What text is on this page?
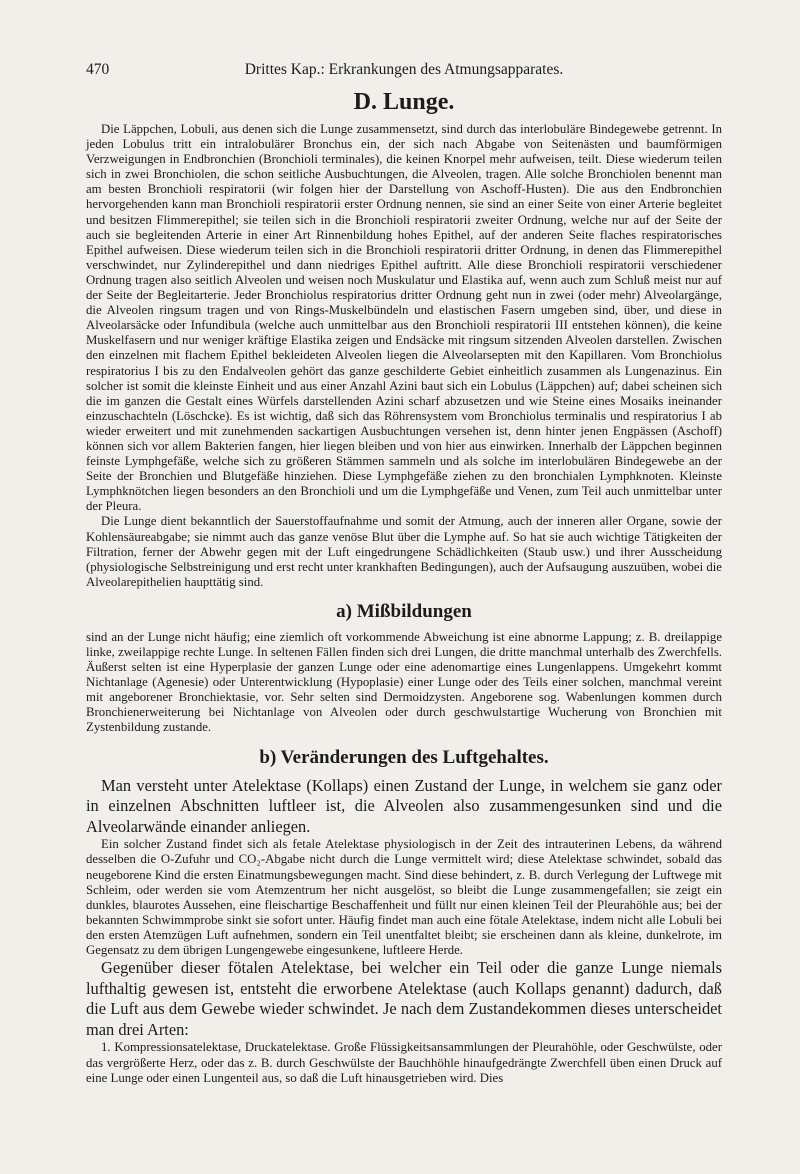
470	Drittes Kap.: Erkrankungen des Atmungsapparates.
D. Lunge.

Die Läppchen, Lobuli, aus denen sich die Lunge zusammensetzt, sind durch das interlobuläre Bindegewebe getrennt. In jeden Lobulus tritt ein intralobulärer Bronchus ein, der sich nach Abgabe von Seitenästen und baumförmigen Verzweigungen in Endbronchien (Bronchioli terminales), die keinen Knorpel mehr aufweisen, teilt. Diese wiederum teilen sich in zwei Bronchiolen, die schon seitliche Ausbuchtungen, die Alveolen, tragen. Alle solche Bronchiolen benennt man am besten Bronchioli respiratorii (wir folgen hier der Darstellung von Aschoff-Husten). Die aus den Endbronchien hervorgehenden kann man Bronchioli respiratorii erster Ordnung nennen, sie sind an einer Seite von einer Arterie begleitet und besitzen Flimmerepithel; sie teilen sich in die Bronchioli respiratorii zweiter Ordnung, welche nur auf der Seite der auch sie begleitenden Arterie in einer Art Rinnenbildung hohes Epithel, auf der anderen Seite flaches respiratorisches Epithel aufweisen. Diese wiederum teilen sich in die Bronchioli respiratorii dritter Ordnung, in denen das Flimmerepithel verschwindet, nur Zylinderepithel und dann niedriges Epithel auftritt. Alle diese Bronchioli respiratorii verschiedener Ordnung tragen also seitlich Alveolen und weisen noch Muskulatur und Elastika auf, wenn auch zum Schluß meist nur auf der Seite der Begleitarterie. Jeder Bronchiolus respiratorius dritter Ordnung geht nun in zwei (oder mehr) Alveolargänge, die Alveolen ringsum tragen und von Rings-Muskelbündeln und elastischen Fasern umgeben sind, über, und diese in Alveolarsäcke oder Infundibula (welche auch unmittelbar aus den Bronchioli respiratorii III entstehen können), die keine Muskelfasern und nur weniger kräftige Elastika zeigen und Endsäcke mit ringsum sitzenden Alveolen darstellen. Zwischen den einzelnen mit flachem Epithel bekleideten Alveolen liegen die Alveolarsepten mit den Kapillaren. Vom Bronchiolus respiratorius I bis zu den Endalveolen gehört das ganze geschilderte Gebiet einheitlich zusammen als Lungenazinus. Ein solcher ist somit die kleinste Einheit und aus einer Anzahl Azini baut sich ein Lobulus (Läppchen) auf; dabei scheinen sich die im ganzen die Gestalt eines Würfels darstellenden Azini scharf abzusetzen und wie Steine eines Mosaiks ineinander einzuschachteln (Löschcke). Es ist wichtig, daß sich das Röhrensystem vom Bronchiolus terminalis und respiratorius I ab wieder erweitert und mit zunehmenden sackartigen Ausbuchtungen versehen ist, denn hinter jenen Engpässen (Aschoff) können sich vor allem Bakterien fangen, hier liegen bleiben und von hier aus einwirken. Innerhalb der Läppchen beginnen feinste Lymphgefäße, welche sich zu größeren Stämmen sammeln und als solche im interlobulären Bindegewebe an der Seite der Bronchien und Blutgefäße hinziehen. Diese Lymphgefäße ziehen zu den bronchialen Lymphknoten. Kleinste Lymphknötchen liegen besonders an den Bronchioli und um die Lymphgefäße und Venen, zum Teil auch unmittelbar unter der Pleura.

Die Lunge dient bekanntlich der Sauerstoffaufnahme und somit der Atmung, auch der inneren aller Organe, sowie der Kohlensäureabgabe; sie nimmt auch das ganze venöse Blut über die Lymphe auf. So hat sie auch wichtige Tätigkeiten der Filtration, ferner der Abwehr gegen mit der Luft eingedrungene Schädlichkeiten (Staub usw.) und ihrer Ausscheidung (physiologische Selbstreinigung und erst recht unter krankhaften Bedingungen), auch der Aufsaugung auszuüben, wobei die Alveolarepithelien haupttätig sind.

a) Mißbildungen

sind an der Lunge nicht häufig; eine ziemlich oft vorkommende Abweichung ist eine abnorme Lappung; z. B. dreilappige linke, zweilappige rechte Lunge. In seltenen Fällen finden sich drei Lungen, die dritte manchmal unterhalb des Zwerchfells. Äußerst selten ist eine Hyperplasie der ganzen Lunge oder eine adenomartige eines Lungenlappens. Umgekehrt kommt Nichtanlage (Agenesie) oder Unterentwicklung (Hypoplasie) einer Lunge oder des Teils einer solchen, manchmal vereint mit angeborener Bronchiektasie, vor. Sehr selten sind Dermoidzysten. Angeborene sog. Wabenlungen kommen durch Bronchienerweiterung bei Nichtanlage von Alveolen oder durch geschwulstartige Wucherung von Bronchien mit Zystenbildung zustande.

b) Veränderungen des Luftgehaltes.

Man versteht unter Atelektase (Kollaps) einen Zustand der Lunge, in welchem sie ganz oder in einzelnen Abschnitten luftleer ist, die Alveolen also zusammengesunken sind und die Alveolarwände einander anliegen.

Ein solcher Zustand findet sich als fetale Atelektase physiologisch in der Zeit des intrauterinen Lebens, da während desselben die O-Zufuhr und CO₂-Abgabe nicht durch die Lunge vermittelt wird; diese Atelektase schwindet, sobald das neugeborene Kind die ersten Einatmungsbewegungen macht. Sind diese behindert, z. B. durch Verlegung der Luftwege mit Schleim, oder werden sie vom Atemzentrum her nicht ausgelöst, so bleibt die Lunge zusammengefallen; sie zeigt ein dunkles, blaurotes Aussehen, eine fleischartige Beschaffenheit und füllt nur einen kleinen Teil der Pleurahöhle aus; bei der bekannten Schwimmprobe sinkt sie sofort unter. Häufig findet man auch eine fötale Atelektase, indem nicht alle Lobuli bei den ersten Atemzügen Luft aufnehmen, sondern ein Teil unentfaltet bleibt; sie erscheinen dann als kleine, dunkelrote, im Gegensatz zu dem übrigen Lungengewebe eingesunkene, luftleere Herde.

Gegenüber dieser fötalen Atelektase, bei welcher ein Teil oder die ganze Lunge niemals lufthaltig gewesen ist, entsteht die erworbene Atelektase (auch Kollaps genannt) dadurch, daß die Luft aus dem Gewebe wieder schwindet. Je nach dem Zustandekommen dieses unterscheidet man drei Arten:

1. Kompressionsatelektase, Druckatelektase. Große Flüssigkeitsansammlungen der Pleurahöhle, oder Geschwülste, oder das vergrößerte Herz, oder das z. B. durch Geschwülste der Bauchhöhle hinaufgedrängte Zwerchfell üben einen Druck auf eine Lunge oder einen Lungenteil aus, so daß die Luft hinausgetrieben wird. Dies
